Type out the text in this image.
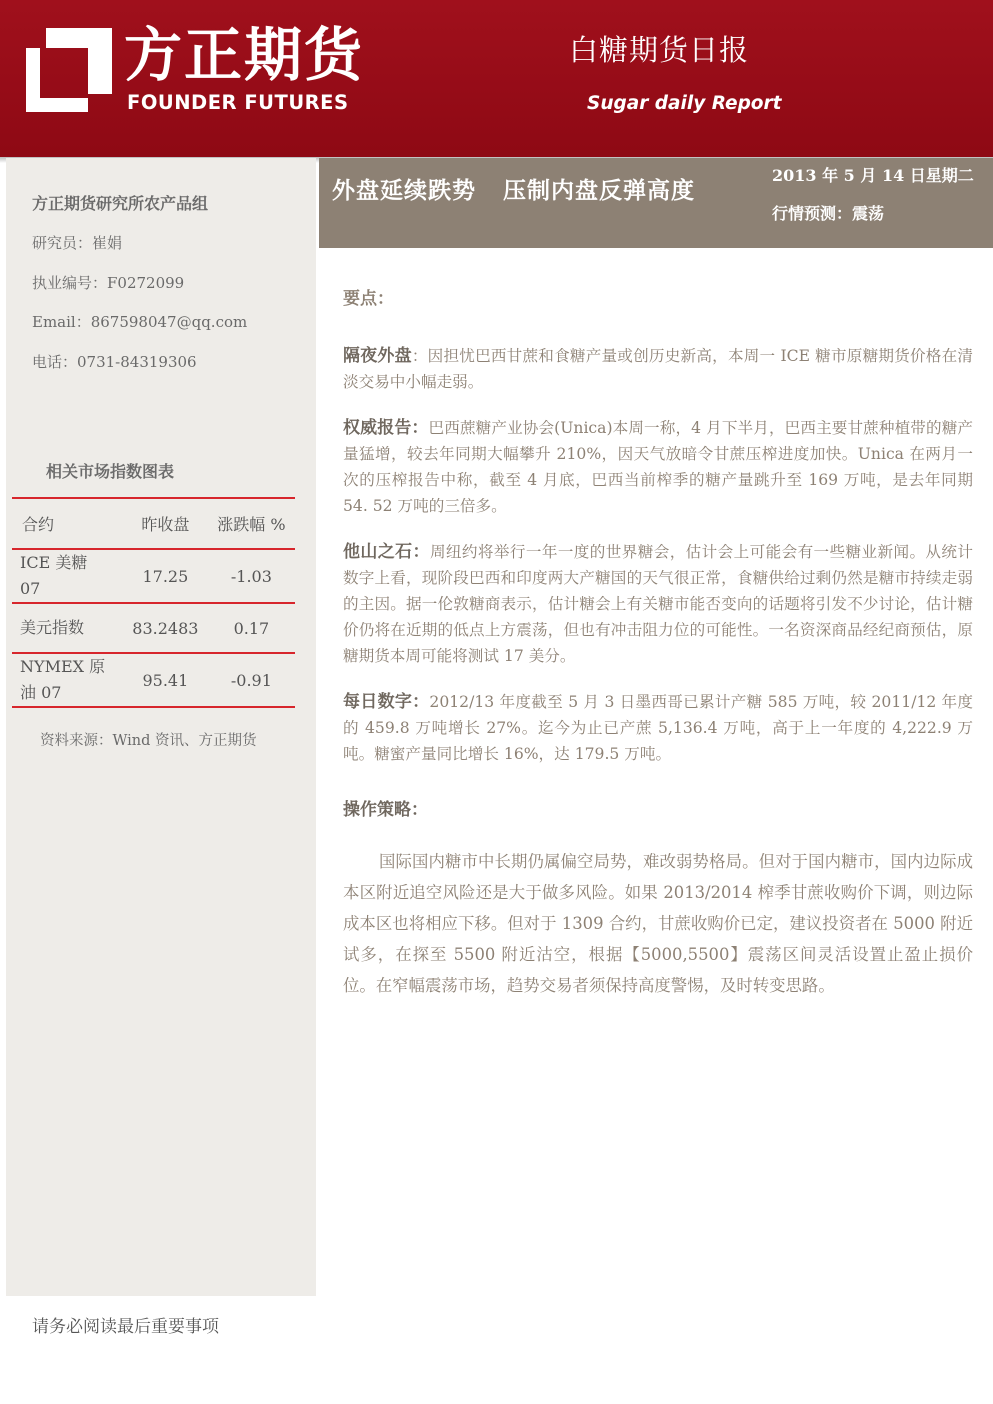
方正期货
FOUNDER FUTURES
白糖期货日报
Sugar daily Report
方正期货研究所农产品组
研究员：崔娟
执业编号：F0272099
Email：867598047@qq.com
电话：0731-84319306
相关市场指数图表
合约	昨收盘	涨跌幅 %
ICE 美糖
07	17.25	-1.03
美元指数	83.2483	0.17
NYMEX 原
油 07	95.41	-0.91
资料来源：Wind 资讯、方正期货
请务必阅读最后重要事项
外盘延续跌势   压制内盘反弹高度
2013 年 5 月 14 日星期二
行情预测：震荡
要点：

隔夜外盘：因担忧巴西甘蔗和食糖产量或创历史新高，本周一 ICE 糖市原糖期货价格在清淡交易中小幅走弱。

权威报告：巴西蔗糖产业协会(Unica)本周一称，4 月下半月，巴西主要甘蔗种植带的糖产量猛增，较去年同期大幅攀升 210%，因天气放暗令甘蔗压榨进度加快。Unica 在两月一次的压榨报告中称，截至 4 月底，巴西当前榨季的糖产量跳升至 169 万吨，是去年同期 54. 52 万吨的三倍多。

他山之石：周纽约将举行一年一度的世界糖会，估计会上可能会有一些糖业新闻。从统计数字上看，现阶段巴西和印度两大产糖国的天气很正常，食糖供给过剩仍然是糖市持续走弱的主因。据一伦敦糖商表示，估计糖会上有关糖市能否变向的话题将引发不少讨论，估计糖价仍将在近期的低点上方震荡，但也有冲击阻力位的可能性。一名资深商品经纪商预估，原糖期货本周可能将测试 17 美分。

每日数字：2012/13 年度截至 5 月 3 日墨西哥已累计产糖 585 万吨，较 2011/12 年度的 459.8 万吨增长 27%。迄今为止已产蔗 5,136.4 万吨，高于上一年度的 4,222.9 万吨。糖蜜产量同比增长 16%，达 179.5 万吨。

操作策略：

国际国内糖市中长期仍属偏空局势，难改弱势格局。但对于国内糖市，国内边际成本区附近追空风险还是大于做多风险。如果 2013/2014 榨季甘蔗收购价下调，则边际成本区也将相应下移。但对于 1309 合约，甘蔗收购价已定，建议投资者在 5000 附近试多，在探至 5500 附近沽空，根据【5000,5500】震荡区间灵活设置止盈止损价位。在窄幅震荡市场，趋势交易者须保持高度警惕，及时转变思路。
